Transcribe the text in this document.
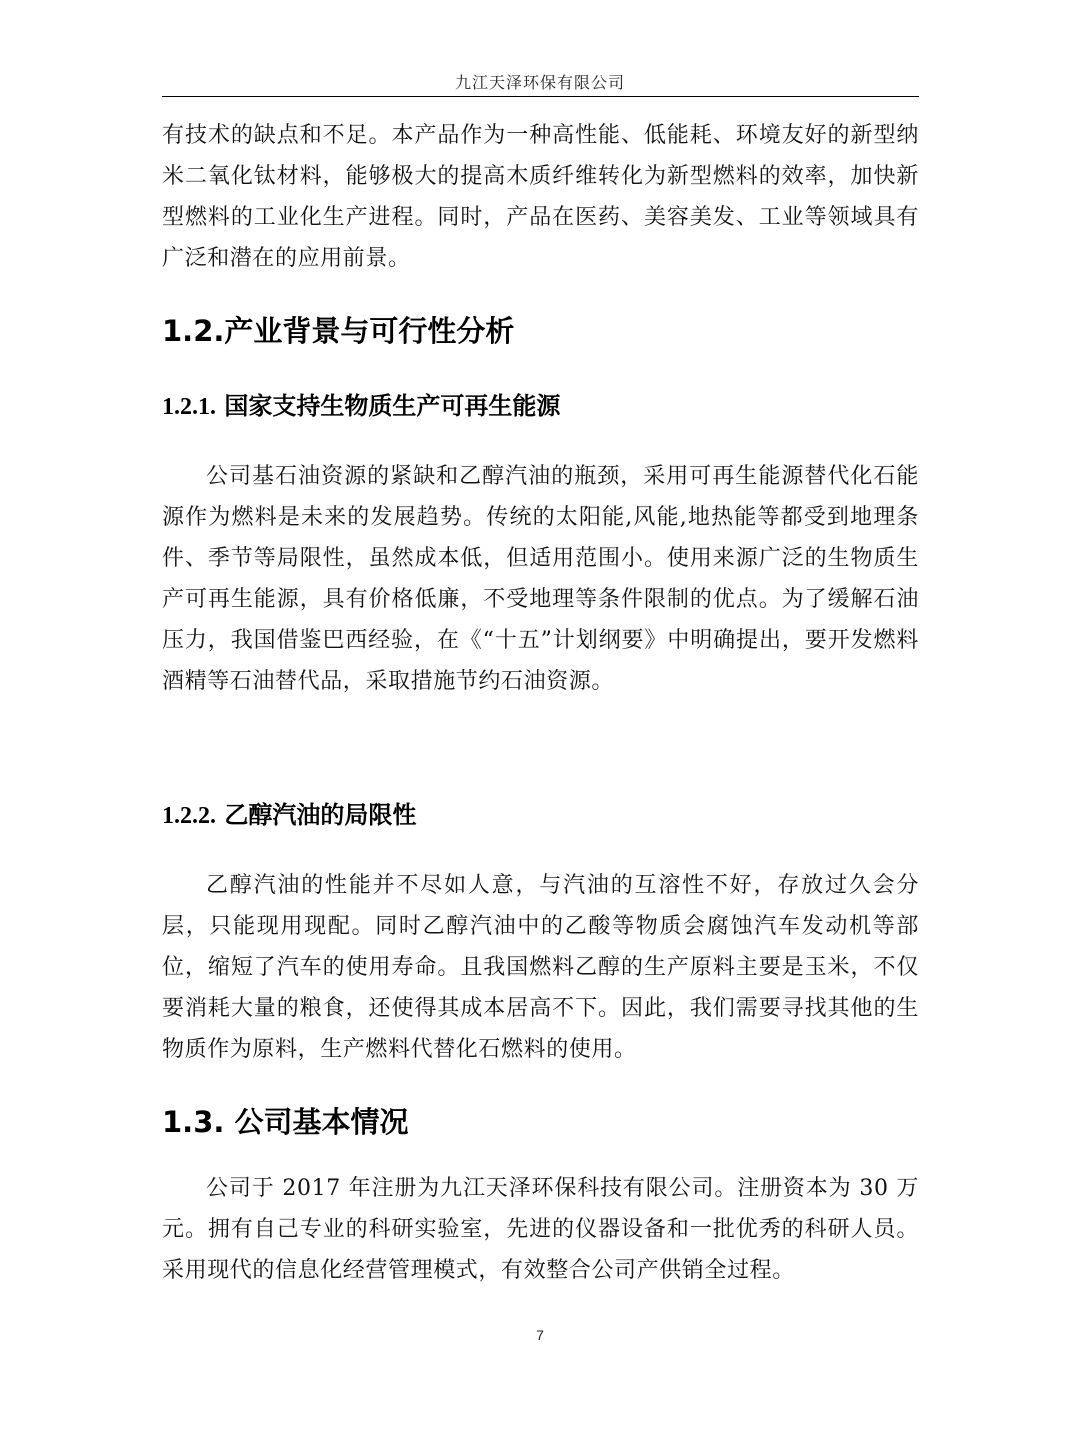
九江天泽环保有限公司

有技术的缺点和不足。本产品作为一种高性能、低能耗、环境友好的新型纳米二氧化钛材料，能够极大的提高木质纤维转化为新型燃料的效率，加快新型燃料的工业化生产进程。同时，产品在医药、美容美发、工业等领域具有广泛和潜在的应用前景。

1.2.产业背景与可行性分析
1.2.1. 国家支持生物质生产可再生能源

公司基石油资源的紧缺和乙醇汽油的瓶颈，采用可再生能源替代化石能源作为燃料是未来的发展趋势。传统的太阳能,风能,地热能等都受到地理条件、季节等局限性，虽然成本低，但适用范围小。使用来源广泛的生物质生产可再生能源，具有价格低廉，不受地理等条件限制的优点。为了缓解石油压力，我国借鉴巴西经验，在《“十五”计划纲要》中明确提出，要开发燃料酒精等石油替代品，采取措施节约石油资源。

1.2.2. 乙醇汽油的局限性

乙醇汽油的性能并不尽如人意，与汽油的互溶性不好，存放过久会分层，只能现用现配。同时乙醇汽油中的乙酸等物质会腐蚀汽车发动机等部位，缩短了汽车的使用寿命。且我国燃料乙醇的生产原料主要是玉米，不仅要消耗大量的粮食，还使得其成本居高不下。因此，我们需要寻找其他的生物质作为原料，生产燃料代替化石燃料的使用。

1.3. 公司基本情况

公司于 2017 年注册为九江天泽环保科技有限公司。注册资本为 30 万元。拥有自己专业的科研实验室，先进的仪器设备和一批优秀的科研人员。采用现代的信息化经营管理模式，有效整合公司产供销全过程。

7
